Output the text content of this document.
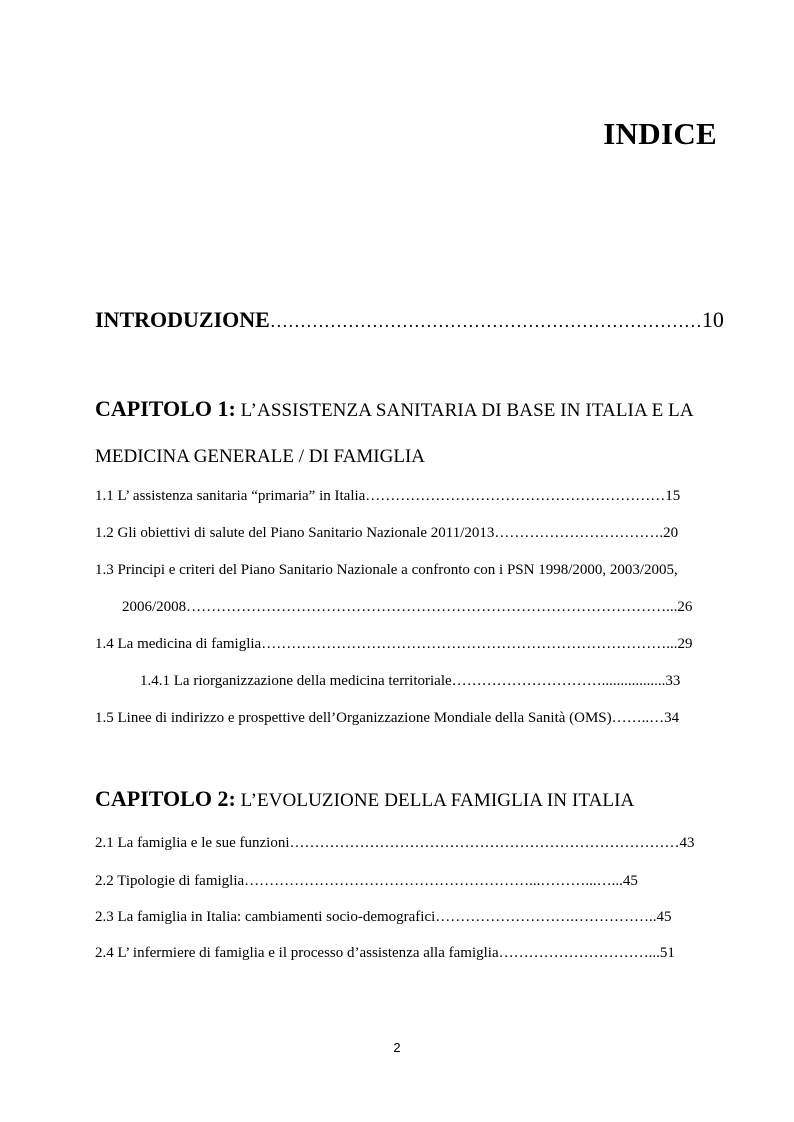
INDICE
INTRODUZIONE………………………………………………………………10
CAPITOLO 1: L’ASSISTENZA SANITARIA DI BASE IN ITALIA E LA
MEDICINA GENERALE / DI FAMIGLIA
1.1 L’ assistenza sanitaria “primaria” in Italia……………………………………………………15
1.2 Gli obiettivi di salute del Piano Sanitario Nazionale 2011/2013…………………………….20
1.3 Principi e criteri del Piano Sanitario Nazionale a confronto con i PSN 1998/2000, 2003/2005,
2006/2008……………………………………………………………………………………...26
1.4 La medicina di famiglia………………………………………………………………………...29
1.4.1 La riorganizzazione della medicina territoriale………………………….................33
1.5 Linee di indirizzo e prospettive dell’Organizzazione Mondiale della Sanità (OMS)……..…34
CAPITOLO 2: L’EVOLUZIONE DELLA FAMIGLIA IN ITALIA
2.1 La famiglia e le sue funzioni……………………………………………………………………43
2.2 Tipologie di famiglia…………………………………………………...………...…...45
2.3 La famiglia in Italia: cambiamenti socio-demografici……………………….……………..45
2.4 L’ infermiere di famiglia e il processo d’assistenza alla famiglia…………………………...51
2
